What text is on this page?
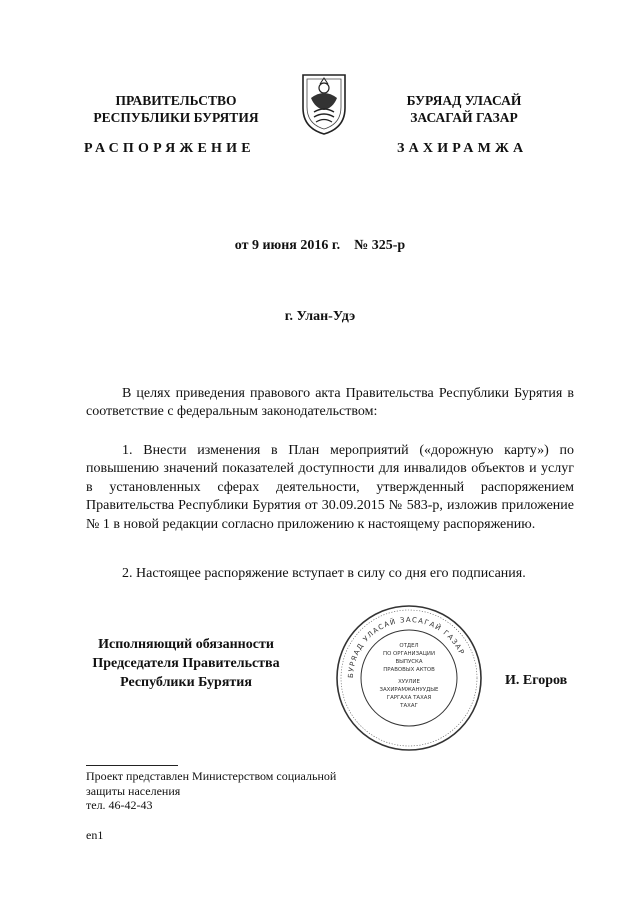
ПРАВИТЕЛЬСТВО
РЕСПУБЛИКИ БУРЯТИЯ
РАСПОРЯЖЕНИЕ
БУРЯАД УЛАСАЙ
ЗАСАГАЙ ГАЗАР
ЗАХИРАМЖА
от 9 июня 2016 г. № 325-р
г. Улан-Удэ
В целях приведения правового акта Правительства Республики Бурятия в соответствие с федеральным законодательством:
1. Внести изменения в План мероприятий («дорожную карту») по повышению значений показателей доступности для инвалидов объектов и услуг в установленных сферах деятельности, утвержденный распоряжением Правительства Республики Бурятия от 30.09.2015 № 583-р, изложив приложение № 1 в новой редакции согласно приложению к настоящему распоряжению.
2. Настоящее распоряжение вступает в силу со дня его подписания.
Исполняющий обязанности
Председателя Правительства
Республики Бурятия	И. Егоров
БУРЯАД УЛАСАЙ ЗАСАГАЙ ГАЗАР
ОТДЕЛ
ПО ОРГАНИЗАЦИИ
ВЫПУСКА
ПРАВОВЫХ АКТОВ
ХУУЛИЕ
ЗАХИРАМЖАНУУДЫЕ
ГАРГАХА ТАХАЯ
ТАХАГ
Проект представлен Министерством социальной
защиты населения
тел. 46-42-43
en1
